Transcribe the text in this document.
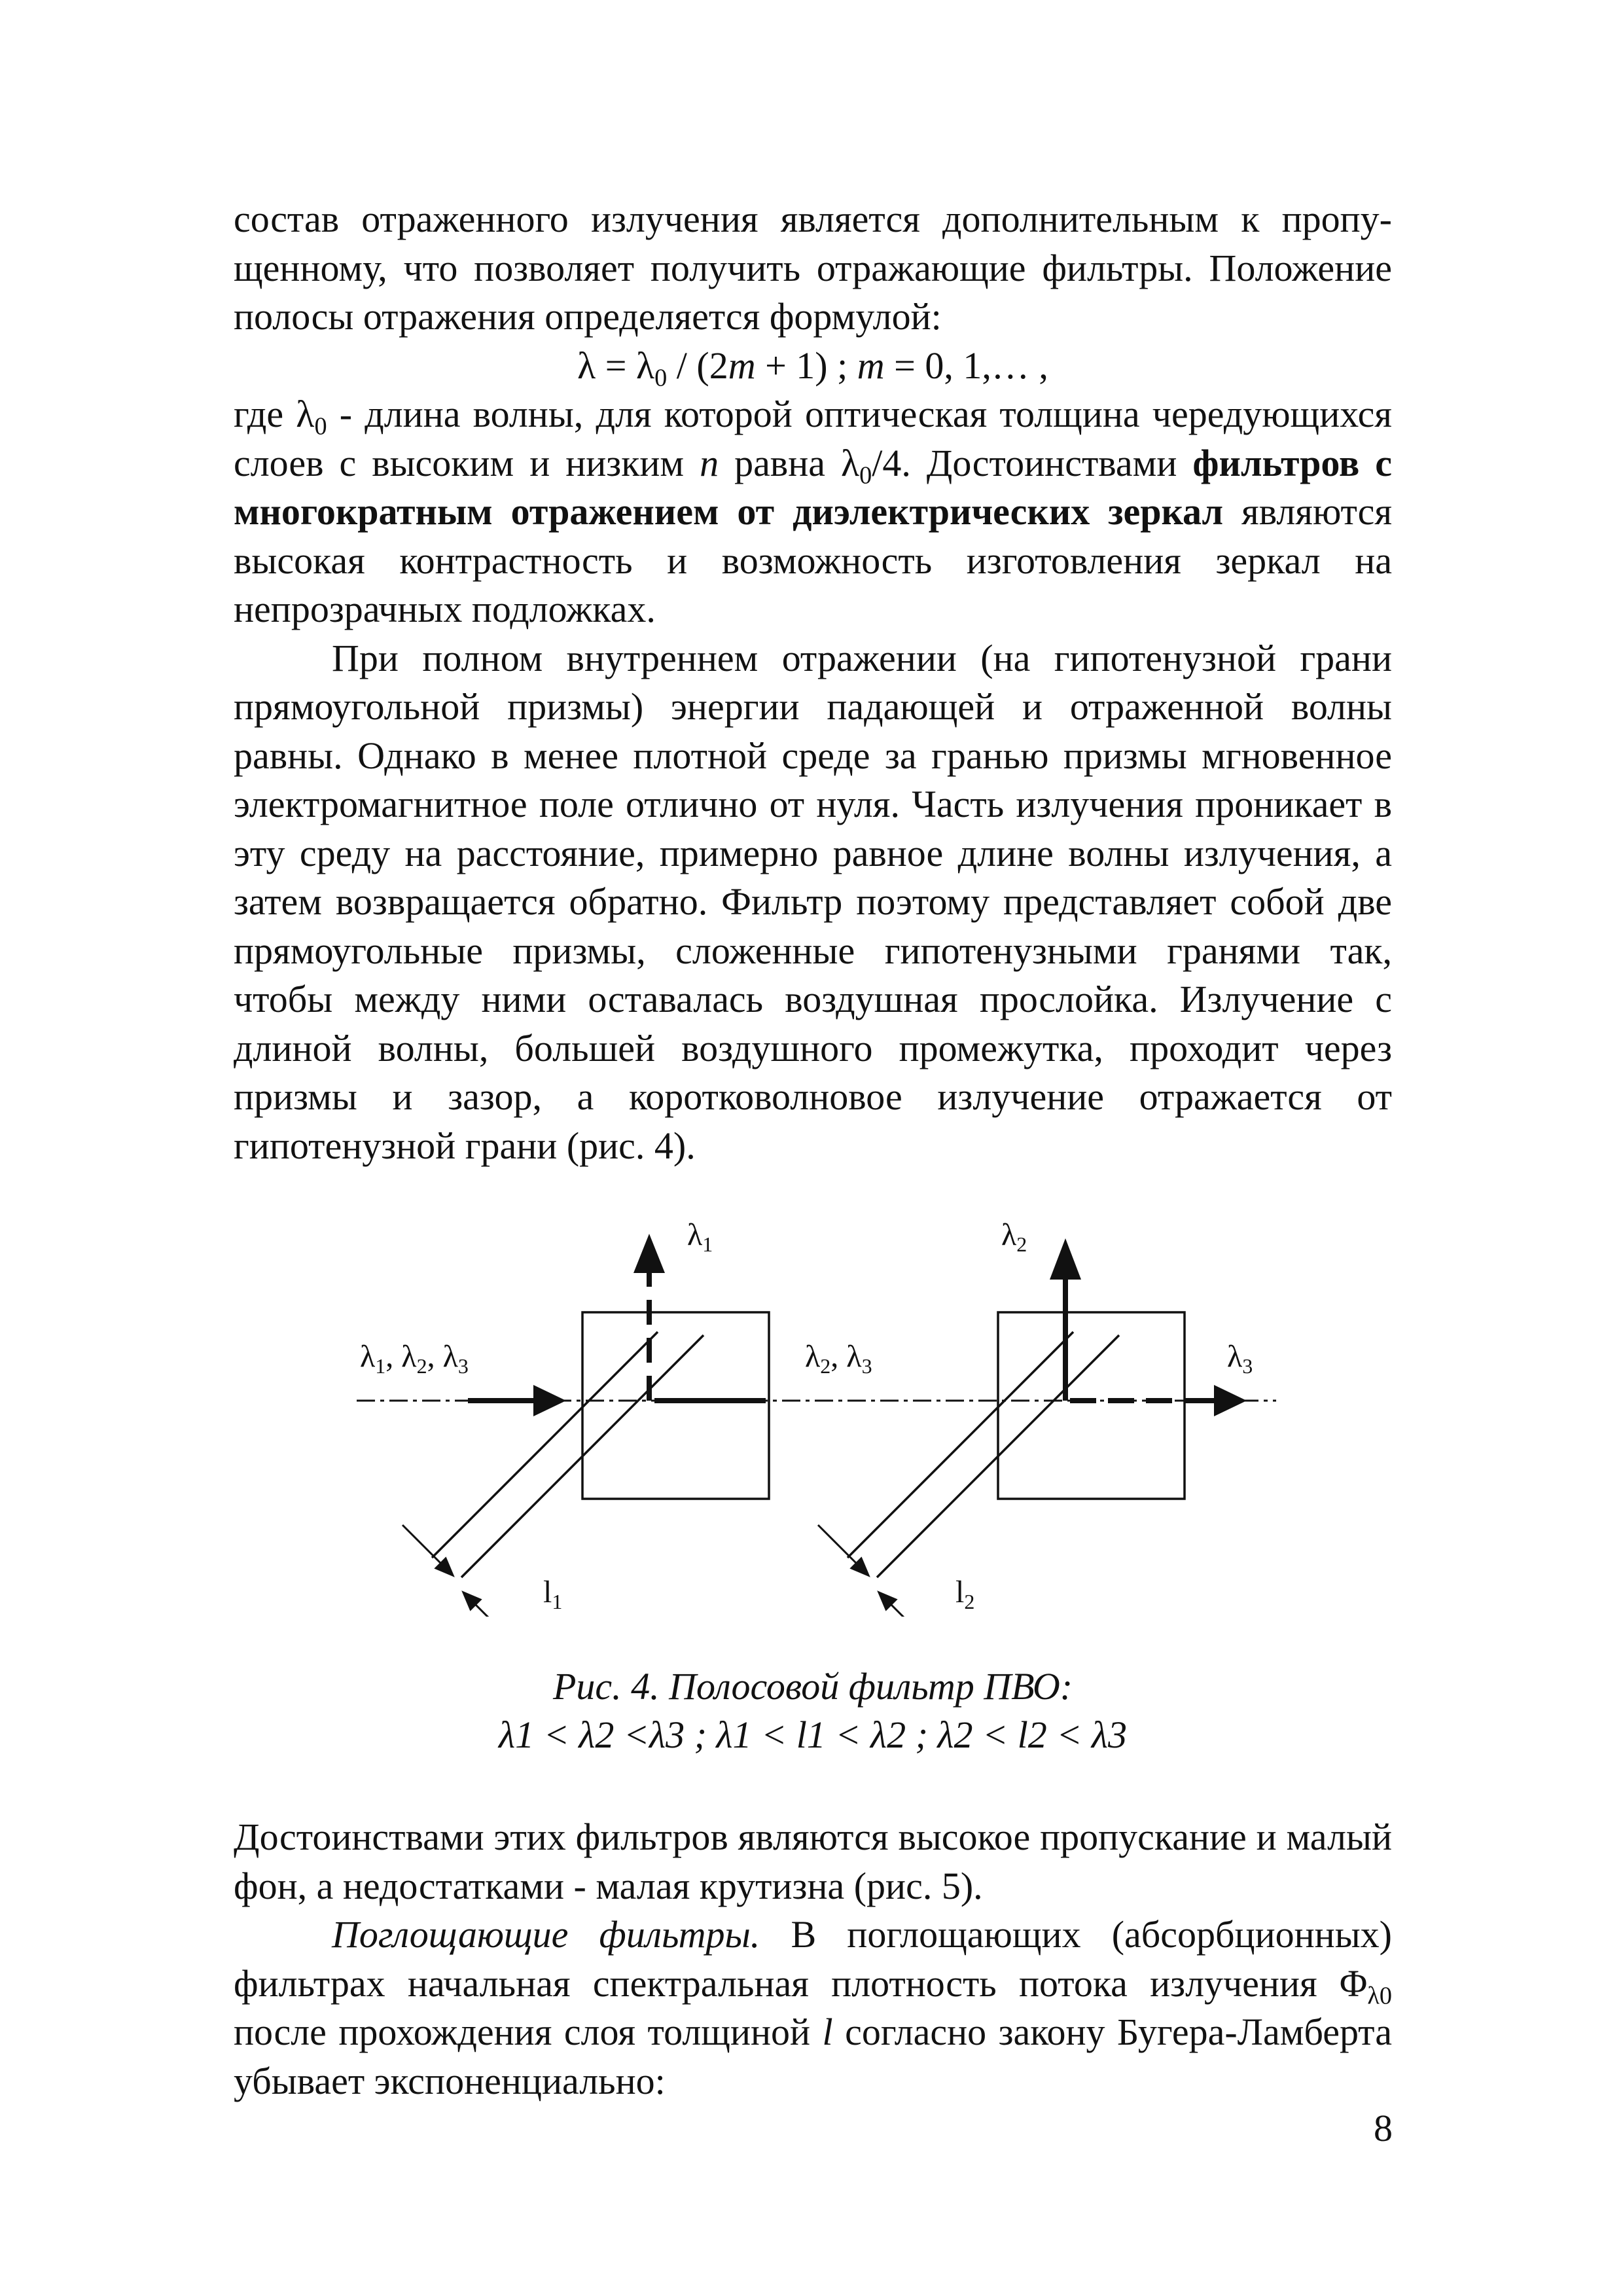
состав отраженного излучения является дополнительным к пропу-

щенному, что позволяет получить отражающие фильтры. Положение

полосы отражения определяется формулой:

$\lambda = \lambda_0 / (2m + 1)$ ; m = 0, 1,… ,

где $\lambda_0$ - длина волны, для которой оптическая толщина чередующихся слоев с высоким и низким n равна $\lambda_0/4$. Достоинствами фильтров с многократным отражением от диэлектрических зеркал являются высокая контрастность и возможность изготовления зеркал на непрозрачных подложках.

При полном внутреннем отражении (на гипотенузной грани прямоугольной призмы) энергии падающей и отраженной волны равны. Однако в менее плотной среде за гранью призмы мгновенное электромагнитное поле отлично от нуля. Часть излучения проникает в эту среду на расстояние, примерно равное длине волны излучения, а затем возвращается обратно. Фильтр поэтому представляет собой две прямоугольные призмы, сложенные гипотенузными гранями так, чтобы между ними оставалась воздушная прослойка. Излучение с длиной волны, большей воздушного промежутка, проходит через призмы и зазор, а коротковолновое излучение отражается от гипотенузной грани (рис. 4).

$\lambda_1$, $\lambda_2$, $\lambda_3$
$\lambda_1$
$\lambda_2$, $\lambda_3$
$\lambda_2$
$\lambda_3$
$l_1$	$l_2$
Рис. 4. Полосовой фильтр ПВО:
λ1 < λ2 <λ3 ; λ1 < l1 < λ2 ; λ2 < l2 < λ3

Достоинствами этих фильтров являются высокое пропускание и малый фон, а недостатками - малая крутизна (рис. 5).

Поглощающие фильтры. В поглощающих (абсорбционных) фильтрах начальная спектральная плотность потока излучения $\Phi_{\lambda 0}$ после прохождения слоя толщиной l согласно закону Бугера-Ламберта убывает экспоненциально:

8
